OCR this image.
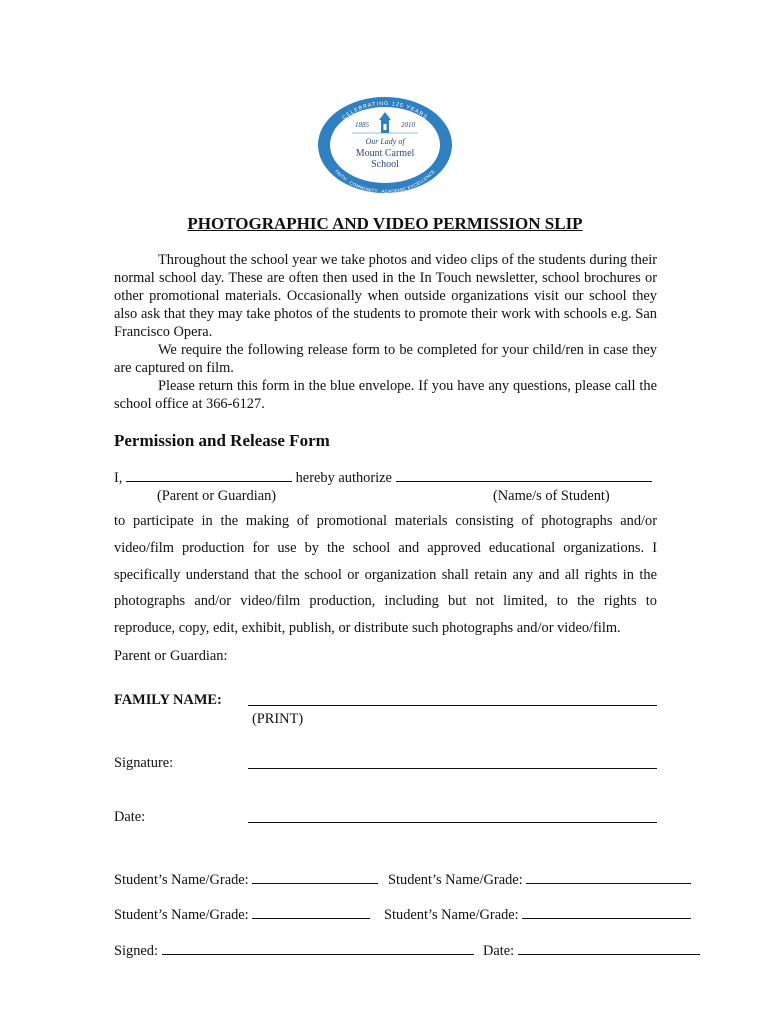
CELEBRATING 125 YEARS
FAITH · COMMUNITY · ACADEMIC EXCELLENCE
1885	2010
Our Lady of
Mount Carmel
School
PHOTOGRAPHIC AND VIDEO PERMISSION SLIP
Throughout the school year we take photos and video clips of the students during their normal school day. These are often then used in the In Touch newsletter, school brochures or other promotional materials. Occasionally when outside organizations visit our school they also ask that they may take photos of the students to promote their work with schools e.g. San Francisco Opera.
We require the following release form to be completed for your child/ren in case they are captured on film.
Please return this form in the blue envelope. If you have any questions, please call the school office at 366-6127.
Permission and Release Form
I,	hereby authorize
(Parent or Guardian)	(Name/s of Student)
to participate in the making of promotional materials consisting of photographs and/or video/film production for use by the school and approved educational organizations. I specifically understand that the school or organization shall retain any and all rights in the photographs and/or video/film production, including but not limited, to the rights to reproduce, copy, edit, exhibit, publish, or distribute such photographs and/or video/film.
Parent or Guardian:
FAMILY NAME:
(PRINT)
Signature:
Date:
Student’s Name/Grade:	Student’s Name/Grade:
Student’s Name/Grade:	Student’s Name/Grade:
Signed:	Date:
